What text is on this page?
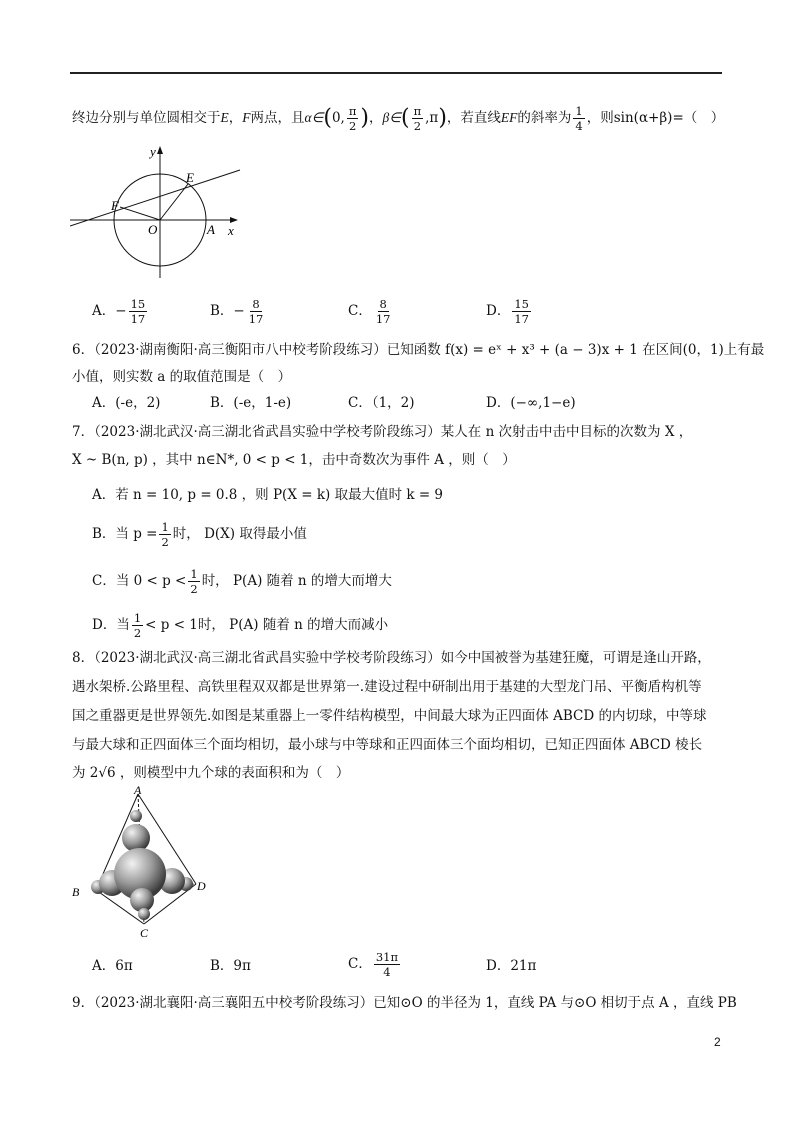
终边分别与单位圆相交于E，F两点，且α∈(0, $\frac{\pi}{2}$ )，β∈( $\frac{\pi}{2} ,\pi$)，若直线EF的斜率为 $\frac{1}{4}$ ，则sin(α+β)=（　）
y
x
O	A
E
F
A．− $\frac{15}{17}$	B．− $\frac{8}{17}$	C． $\frac{8}{17}$	D． $\frac{15}{17}$
6．（2023·湖南衡阳·高三衡阳市八中校考阶段练习）已知函数 f(x) = eˣ + x³ + (a − 3)x + 1 在区间(0，1)上有最
小值，则实数 a 的取值范围是（　）
A．(-e，2)	B．(-e，1-e)	C．（1，2)	D．(−∞,1−e)
7．（2023·湖北武汉·高三湖北省武昌实验中学校考阶段练习）某人在 n 次射击中击中目标的次数为 X ，
X ~ B(n, p) ，其中 n∈N*, 0 < p < 1，击中奇数次为事件 A ，则（　）
A．若 n = 10, p = 0.8 ，则 P(X = k) 取最大值时 k = 9
B．当 $p = \frac{1}{2}$ 时， D(X) 取得最小值
C．当 $0 < p < \frac{1}{2}$ 时， P(A) 随着 n 的增大而增大
D．当 $\frac{1}{2} < p < 1$时， P(A) 随着 n 的增大而减小
8．（2023·湖北武汉·高三湖北省武昌实验中学校考阶段练习）如今中国被誉为基建狂魔，可谓是逢山开路，
遇水架桥.公路里程、高铁里程双双都是世界第一.建设过程中研制出用于基建的大型龙门吊、平衡盾构机等
国之重器更是世界领先.如图是某重器上一零件结构模型，中间最大球为正四面体 ABCD 的内切球，中等球
与最大球和正四面体三个面均相切，最小球与中等球和正四面体三个面均相切，已知正四面体 ABCD 棱长
为 2√6 ，则模型中九个球的表面积和为（　）
A
B
C
D
A．6π	B．9π	C． $\frac{31\pi}{4}$	D．21π
9．（2023·湖北襄阳·高三襄阳五中校考阶段练习）已知⊙O 的半径为 1，直线 PA 与⊙O 相切于点 A ，直线 PB
2
